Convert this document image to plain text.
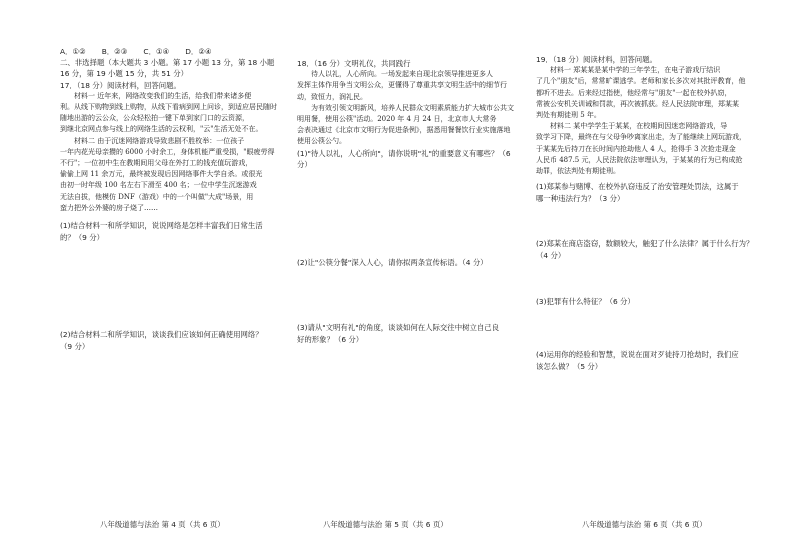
A．①② B．②③ C．①④ D．②④
二、非选择题（本大题共 3 小题。第 17 小题 13 分，第 18 小题
16 分，第 19 小题 15 分，共 51 分）
17．（18 分）阅读材料，回答问题。
材料一 近年来，网络改变我们的生活，给我们带来诸多便
利。从线下购物到线上购物，从线下看病到网上问诊，到适应居民随时
随地出游的云公众，公众轻松拍一键下单到家门口的云资源，
到继北京网点参与线上的网络生活的云权利，"云"生活无处不在。
材料二 由于沉迷网络游戏导致悲剧不胜枚举：一位孩子
一年内花光母亲攒的 6000 小时余工，身体机能严重受损，"眼疲劳得
不行"；一位初中生在教期间用父母在外打工的钱充值玩游戏，
偷偷上网 11 余万元，最终被发现后因网络事件大学自杀。或很光
由初一时年级 100 名左右下滑至 400 名；一位中学生沉迷游戏
无法自拔，他模仿 DNF（游戏）中的一个叫做"大成"场景，用
蛮力把外公外婆的房子烧了……
(1)结合材料一和所学知识，说说网络是怎样丰富我们日常生活
的？（9 分）
(2)结合材料二和所学知识，谈谈我们应该如何正确使用网络？
（9 分）
八年级道德与法治 第 4 页（共 6 页）
18．（16 分）文明礼仪，共同践行
待人以礼，人心所向。一场发起来自现北京领导推进更多人
发挥主体作用争当文明公众，更懂得了尊重共享文明生活中的细节行
动，致恒力，润礼民。
为有效引领文明新风，培养人民群众文明素质能力扩大城市公共文
明用餐，使用公筷"活动。2020 年 4 月 24 日，北京市人大常务
会表决通过《北京市文明行为促进条例》，据悉用餐餐饮行业实施落地
使用公筷公勺。
(1)"待人以礼，人心所向"，请你说明"礼"的重要意义有哪些？（6
分）
(2)让"公筷分餐"深入人心，请你拟两条宣传标语。（4 分）
(3)请从"文明有礼"的角度，谈谈如何在人际交往中树立自己良
好的形象？（6 分）
八年级道德与法治 第 5 页（共 6 页）
19．（18 分）阅读材料，回答问题。
材料一 郑某某是某中学的三年学生，在电子游戏厅结识
了几个"朋友"后，常常旷课逃学。老师和家长多次对其批评教育，他
都听不进去。后来经过指使，他经常与"朋友"一起在校外扒窃，
常被公安机关训诫和罚款，再次被抓获。经人民法院审理，郑某某
判处有期徒刑 5 年。
材料二 某中学学生于某某，在校期间因迷恋网络游戏，导
致学习下降，最终在与父母争吵离家出走，为了能继续上网玩游戏，
于某某先后持刀在长时间内抢劫他人 4 人，抢得手 3 次抢走现金
人民币 487.5 元，人民法院依法审理认为，于某某的行为已构成抢
劫罪，依法判处有期徒刑。
(1)郑某参与赌博、在校外扒窃违反了治安管理处罚法，这属于
哪一种违法行为？（3 分）
(2)郑某在商店盗窃，数额较大，触犯了什么法律？属于什么行为？
（4 分）
(3)犯罪有什么特征？（6 分）
(4)运用你的经验和智慧，说说在面对歹徒持刀抢劫时，我们应
该怎么做？（5 分）
八年级道德与法治 第 6 页（共 6 页）
